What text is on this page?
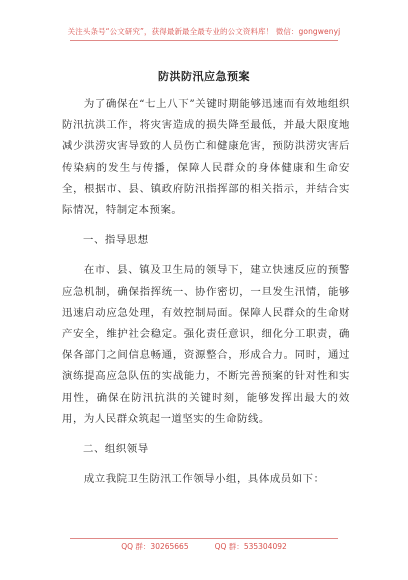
关注头条号“公文研究”，获得最新最全最专业的公文资料库！ 微信：gongwenyj
防洪防汛应急预案

为了确保在“七上八下”关键时期能够迅速而有效地组织防汛抗洪工作，将灾害造成的损失降至最低，并最大限度地减少洪涝灾害导致的人员伤亡和健康危害，预防洪涝灾害后传染病的发生与传播，保障人民群众的身体健康和生命安全，根据市、县、镇政府防汛指挥部的相关指示，并结合实际情况，特制定本预案。

一、指导思想

在市、县、镇及卫生局的领导下，建立快速反应的预警应急机制，确保指挥统一、协作密切，一旦发生汛情，能够迅速启动应急处理，有效控制局面。保障人民群众的生命财产安全，维护社会稳定。强化责任意识，细化分工职责，确保各部门之间信息畅通，资源整合，形成合力。同时，通过演练提高应急队伍的实战能力，不断完善预案的针对性和实用性，确保在防汛抗洪的关键时刻，能够发挥出最大的效用，为人民群众筑起一道坚实的生命防线。

二、组织领导

成立我院卫生防汛工作领导小组，具体成员如下：

QQ 群：30265665	QQ 群：535304092
